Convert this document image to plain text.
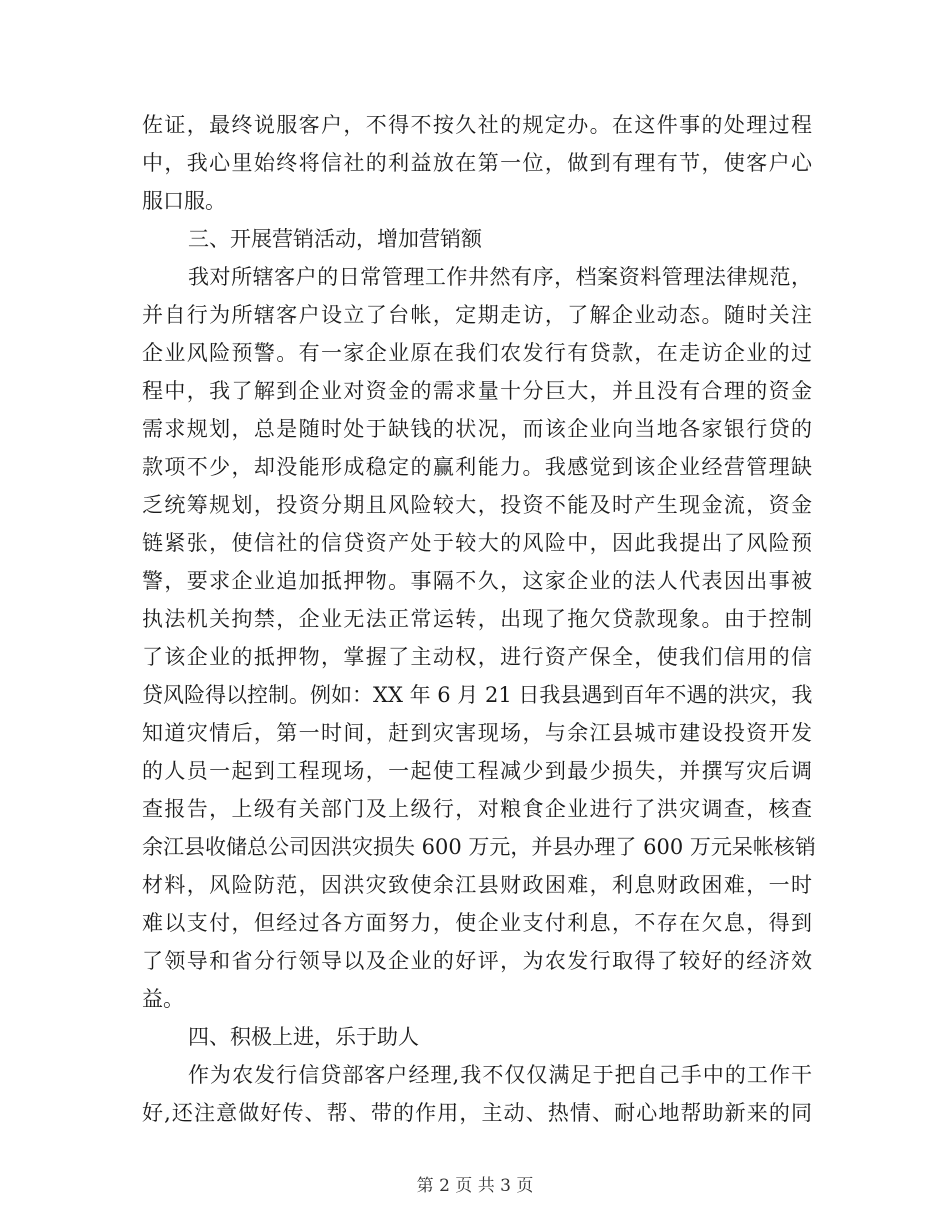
佐证，最终说服客户，不得不按久社的规定办。在这件事的处理过程
中，我心里始终将信社的利益放在第一位，做到有理有节，使客户心
服口服。
三、开展营销活动，增加营销额
我对所辖客户的日常管理工作井然有序，档案资料管理法律规范，
并自行为所辖客户设立了台帐，定期走访，了解企业动态。随时关注
企业风险预警。有一家企业原在我们农发行有贷款，在走访企业的过
程中，我了解到企业对资金的需求量十分巨大，并且没有合理的资金
需求规划，总是随时处于缺钱的状况，而该企业向当地各家银行贷的
款项不少，却没能形成稳定的赢利能力。我感觉到该企业经营管理缺
乏统筹规划，投资分期且风险较大，投资不能及时产生现金流，资金
链紧张，使信社的信贷资产处于较大的风险中，因此我提出了风险预
警，要求企业追加抵押物。事隔不久，这家企业的法人代表因出事被
执法机关拘禁，企业无法正常运转，出现了拖欠贷款现象。由于控制
了该企业的抵押物，掌握了主动权，进行资产保全，使我们信用的信
贷风险得以控制。例如：XX 年 6 月 21 日我县遇到百年不遇的洪灾，我
知道灾情后，第一时间，赶到灾害现场，与余江县城市建设投资开发
的人员一起到工程现场，一起使工程减少到最少损失，并撰写灾后调
查报告，上级有关部门及上级行，对粮食企业进行了洪灾调查，核查
余江县收储总公司因洪灾损失 600 万元，并县办理了 600 万元呆帐核销
材料，风险防范，因洪灾致使余江县财政困难，利息财政困难，一时
难以支付，但经过各方面努力，使企业支付利息，不存在欠息，得到
了领导和省分行领导以及企业的好评，为农发行取得了较好的经济效
益。
四、积极上进，乐于助人
作为农发行信贷部客户经理,我不仅仅满足于把自己手中的工作干
好,还注意做好传、帮、带的作用，主动、热情、耐心地帮助新来的同
第 2 页 共 3 页
